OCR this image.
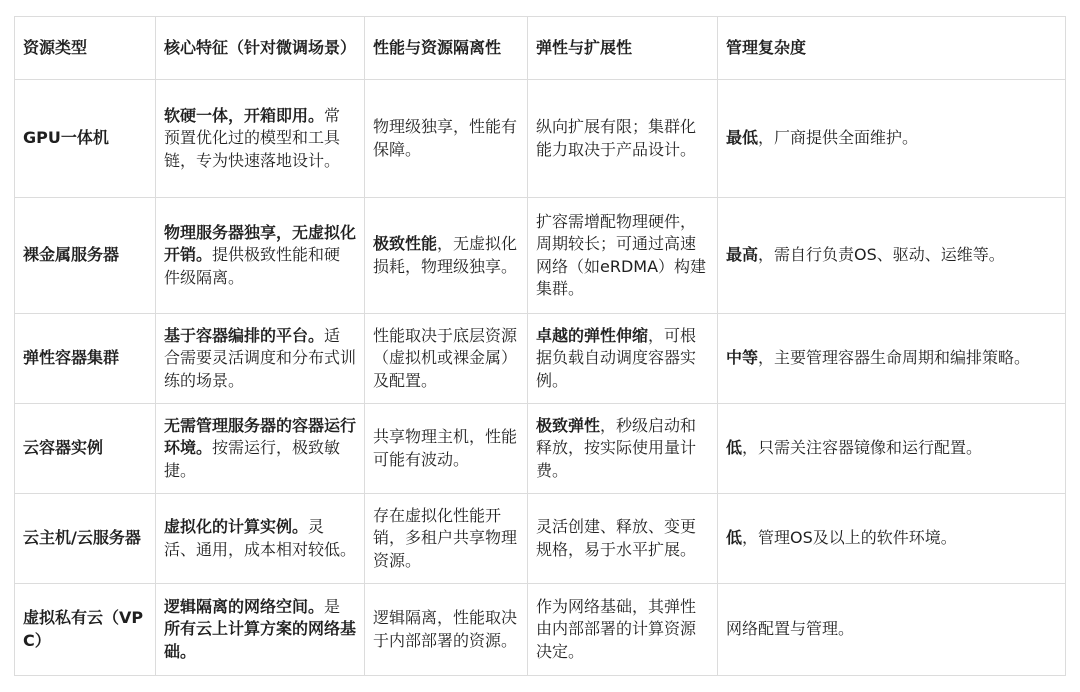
资源类型	核心特征（针对微调场景）	性能与资源隔离性	弹性与扩展性	管理复杂度
GPU一体机	软硬一体，开箱即用。常预置优化过的模型和工具链，专为快速落地设计。	物理级独享，性能有保障。	纵向扩展有限；集群化能力取决于产品设计。	最低，厂商提供全面维护。
裸金属服务器	物理服务器独享，无虚拟化开销。提供极致性能和硬件级隔离。	极致性能，无虚拟化损耗，物理级独享。	扩容需增配物理硬件，周期较长；可通过高速网络（如eRDMA）构建集群。	最高，需自行负责OS、驱动、运维等。
弹性容器集群	基于容器编排的平台。适合需要灵活调度和分布式训练的场景。	性能取决于底层资源（虚拟机或裸金属）及配置。	卓越的弹性伸缩，可根据负载自动调度容器实例。	中等，主要管理容器生命周期和编排策略。
云容器实例	无需管理服务器的容器运行环境。按需运行，极致敏捷。	共享物理主机，性能可能有波动。	极致弹性，秒级启动和释放，按实际使用量计费。	低，只需关注容器镜像和运行配置。
云主机/云服务器	虚拟化的计算实例。灵活、通用，成本相对较低。	存在虚拟化性能开销，多租户共享物理资源。	灵活创建、释放、变更规格，易于水平扩展。	低，管理OS及以上的软件环境。
虚拟私有云（VPC）	逻辑隔离的网络空间。是所有云上计算方案的网络基础。	逻辑隔离，性能取决于内部部署的资源。	作为网络基础，其弹性由内部部署的计算资源决定。	网络配置与管理。
